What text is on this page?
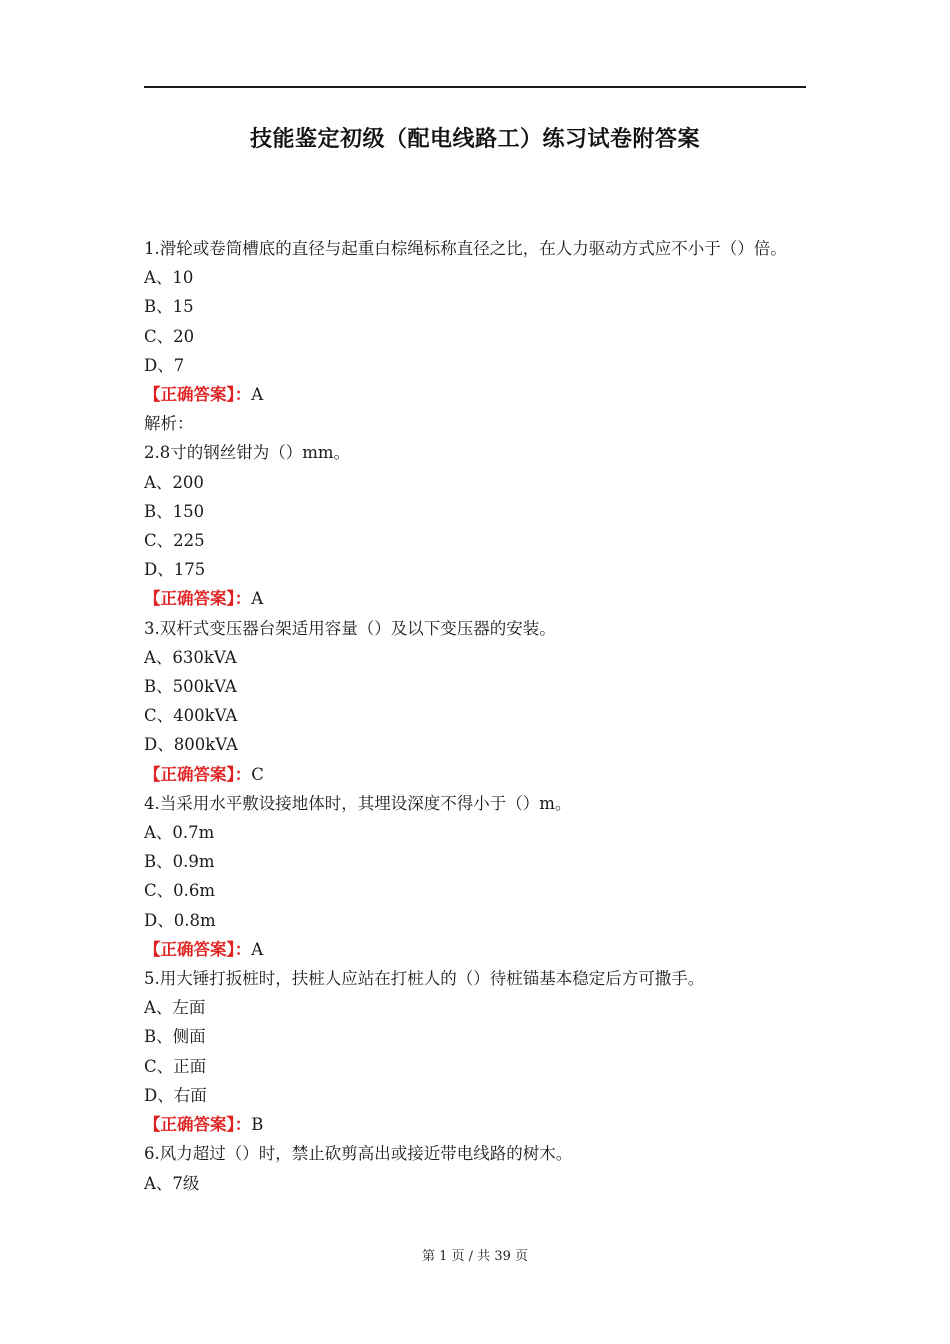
技能鉴定初级（配电线路工）练习试卷附答案
1.滑轮或卷筒槽底的直径与起重白棕绳标称直径之比，在人力驱动方式应不小于（）倍。
A、10
B、15
C、20
D、7
【正确答案】：A
解析：
2.8寸的钢丝钳为（）mm。
A、200
B、150
C、225
D、175
【正确答案】：A
3.双杆式变压器台架适用容量（）及以下变压器的安装。
A、630kVA
B、500kVA
C、400kVA
D、800kVA
【正确答案】：C
4.当采用水平敷设接地体时，其埋设深度不得小于（）m。
A、0.7m
B、0.9m
C、0.6m
D、0.8m
【正确答案】：A
5.用大锤打扳桩时，扶桩人应站在打桩人的（）待桩锚基本稳定后方可撒手。
A、左面
B、侧面
C、正面
D、右面
【正确答案】：B
6.风力超过（）时，禁止砍剪高出或接近带电线路的树木。
A、7级
第 1 页 / 共 39 页
